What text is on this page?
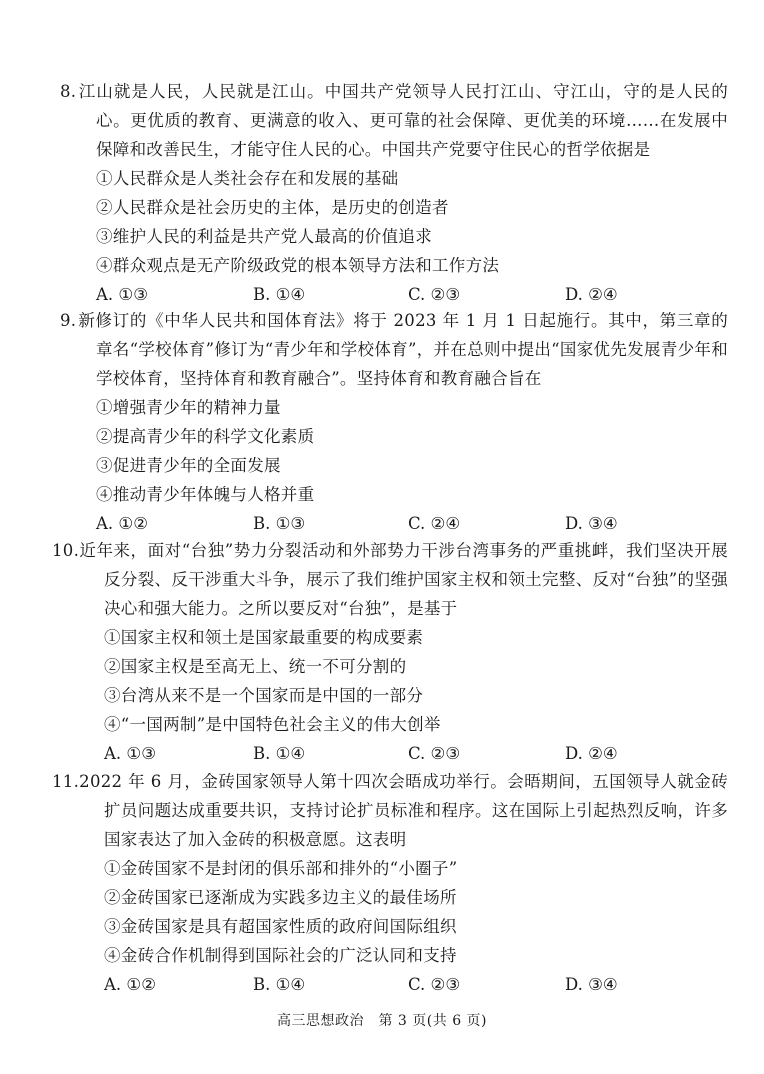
8. 江山就是人民，人民就是江山。中国共产党领导人民打江山、守江山，守的是人民的心。更优质的教育、更满意的收入、更可靠的社会保障、更优美的环境……在发展中保障和改善民生，才能守住人民的心。中国共产党要守住民心的哲学依据是
①人民群众是人类社会存在和发展的基础
②人民群众是社会历史的主体，是历史的创造者
③维护人民的利益是共产党人最高的价值追求
④群众观点是无产阶级政党的根本领导方法和工作方法
A. ①③	B. ①④	C. ②③	D. ②④
9. 新修订的《中华人民共和国体育法》将于 2023 年 1 月 1 日起施行。其中，第三章的章名“学校体育”修订为“青少年和学校体育”，并在总则中提出“国家优先发展青少年和学校体育，坚持体育和教育融合”。坚持体育和教育融合旨在
①增强青少年的精神力量
②提高青少年的科学文化素质
③促进青少年的全面发展
④推动青少年体魄与人格并重
A. ①②	B. ①③	C. ②④	D. ③④
10.近年来，面对“台独”势力分裂活动和外部势力干涉台湾事务的严重挑衅，我们坚决开展反分裂、反干涉重大斗争，展示了我们维护国家主权和领土完整、反对“台独”的坚强决心和强大能力。之所以要反对“台独”，是基于
①国家主权和领土是国家最重要的构成要素
②国家主权是至高无上、统一不可分割的
③台湾从来不是一个国家而是中国的一部分
④“一国两制”是中国特色社会主义的伟大创举
A. ①③	B. ①④	C. ②③	D. ②④
11.2022 年 6 月，金砖国家领导人第十四次会晤成功举行。会晤期间，五国领导人就金砖扩员问题达成重要共识，支持讨论扩员标准和程序。这在国际上引起热烈反响，许多国家表达了加入金砖的积极意愿。这表明
①金砖国家不是封闭的俱乐部和排外的“小圈子”
②金砖国家已逐渐成为实践多边主义的最佳场所
③金砖国家是具有超国家性质的政府间国际组织
④金砖合作机制得到国际社会的广泛认同和支持
A. ①②	B. ①④	C. ②③	D. ③④
高三思想政治　第 3 页(共 6 页)
